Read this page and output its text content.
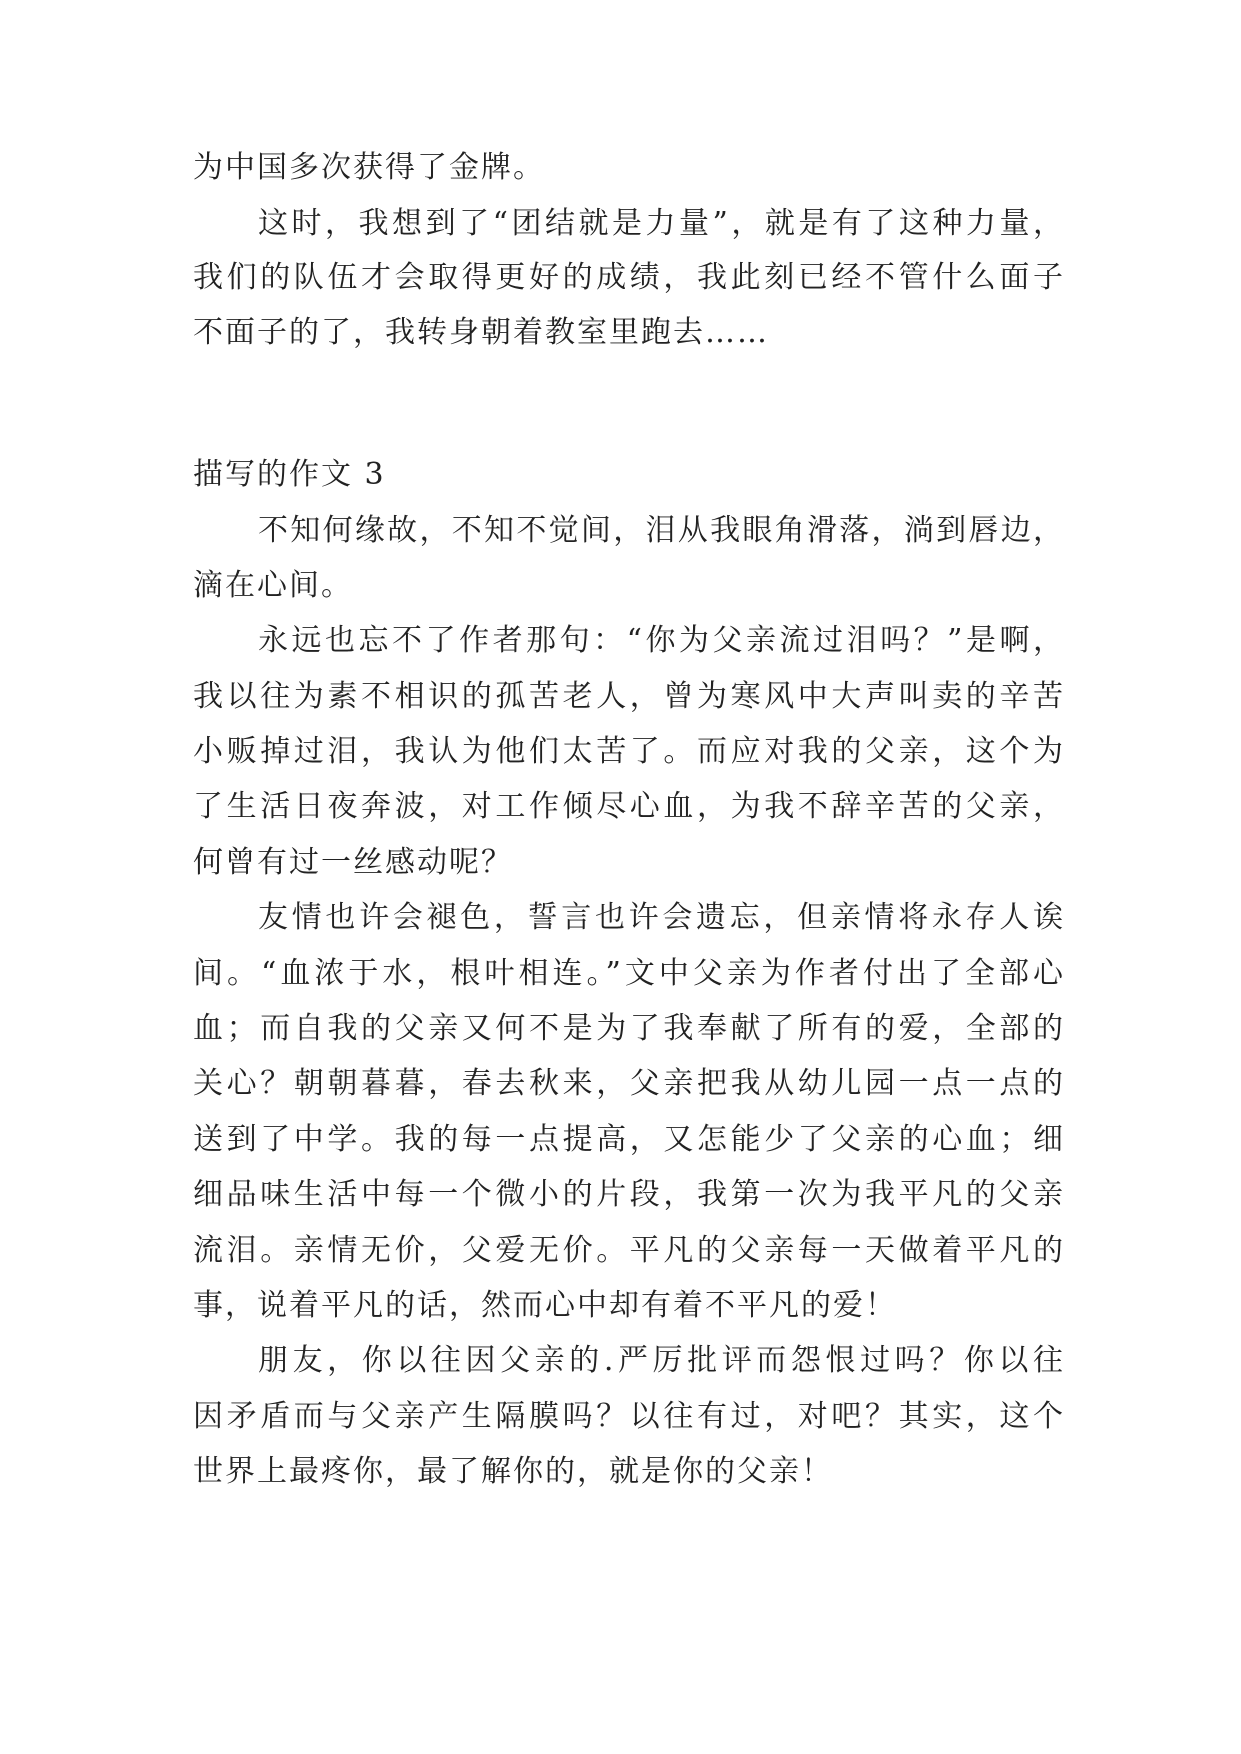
为中国多次获得了金牌。
这时，我想到了“团结就是力量”，就是有了这种力量，
我们的队伍才会取得更好的成绩，我此刻已经不管什么面子
不面子的了，我转身朝着教室里跑去……
描写的作文 3
不知何缘故，不知不觉间，泪从我眼角滑落，淌到唇边，
滴在心间。
永远也忘不了作者那句：“你为父亲流过泪吗？”是啊，
我以往为素不相识的孤苦老人，曾为寒风中大声叫卖的辛苦
小贩掉过泪，我认为他们太苦了。而应对我的父亲，这个为
了生活日夜奔波，对工作倾尽心血，为我不辞辛苦的父亲，
何曾有过一丝感动呢？
友情也许会褪色，誓言也许会遗忘，但亲情将永存人诶
间。“血浓于水，根叶相连。”文中父亲为作者付出了全部心
血；而自我的父亲又何不是为了我奉献了所有的爱，全部的
关心？朝朝暮暮，春去秋来，父亲把我从幼儿园一点一点的
送到了中学。我的每一点提高，又怎能少了父亲的心血；细
细品味生活中每一个微小的片段，我第一次为我平凡的父亲
流泪。亲情无价，父爱无价。平凡的父亲每一天做着平凡的
事，说着平凡的话，然而心中却有着不平凡的爱！
朋友，你以往因父亲的.严厉批评而怨恨过吗？你以往
因矛盾而与父亲产生隔膜吗？以往有过，对吧？其实，这个
世界上最疼你，最了解你的，就是你的父亲！
